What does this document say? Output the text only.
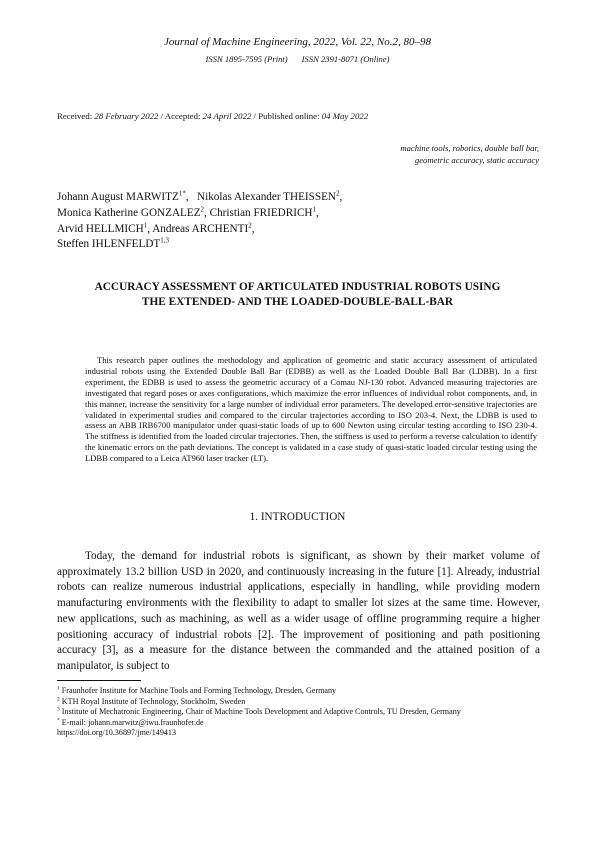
Journal of Machine Engineering, 2022, Vol. 22, No.2, 80–98
ISSN 1895-7595 (Print) ISSN 2391-8071 (Online)
Received: 28 February 2022 / Accepted: 24 April 2022 / Published online: 04 May 2022
machine tools, robotics, double ball bar,
geometric accuracy, static accuracy
Johann August $MARWITZ^{1*}$,   Nikolas Alexander THEISSEN$^2$,
Monica Katherine GONZALEZ$^2$, Christian FRIEDRICH$^1$,
Arvid HELLMICH$^1$, Andreas ARCHENTI$^2$,
Steffen IHLENFELDT$^{1,3}$
ACCURACY ASSESSMENT OF ARTICULATED INDUSTRIAL ROBOTS USING
THE EXTENDED- AND THE LOADED-DOUBLE-BALL-BAR
This research paper outlines the methodology and application of geometric and static accuracy assessment of articulated industrial robots using the Extended Double Ball Bar (EDBB) as well as the Loaded Double Ball Bar (LDBB). In a first experiment, the EDBB is used to assess the geometric accuracy of a Comau NJ-130 robot. Advanced measuring trajectories are investigated that regard poses or axes configurations, which maximize the error influences of individual robot components, and, in this manner, increase the sensitivity for a large number of individual error parameters. The developed error-sensitive trajectories are validated in experimental studies and compared to the circular trajectories according to ISO 203-4. Next, the LDBB is used to assess an ABB IRB6700 manipulator under quasi-static loads of up to 600 Newton using circular testing according to ISO 230-4. The stiffness is identified from the loaded circular trajectories. Then, the stiffness is used to perform a reverse calculation to identify the kinematic errors on the path deviations. The concept is validated in a case study of quasi-static loaded circular testing using the LDBB compared to a Leica AT960 laser tracker (LT).
1. INTRODUCTION
Today, the demand for industrial robots is significant, as shown by their market volume of approximately 13.2 billion USD in 2020, and continuously increasing in the future [1]. Already, industrial robots can realize numerous industrial applications, especially in handling, while providing modern manufacturing environments with the flexibility to adapt to smaller lot sizes at the same time. However, new applications, such as machining, as well as a wider usage of offline programming require a higher positioning accuracy of industrial robots [2]. The improvement of positioning and path positioning accuracy [3], as a measure for the distance between the commanded and the attained position of a manipulator, is subject to
$^1$ Fraunhofer Institute for Machine Tools and Forming Technology, Dresden, Germany
$^2$ KTH Royal Institute of Technology, Stockholm, Sweden
$^3$ Institute of Mechatronic Engineering, Chair of Machine Tools Development and Adaptive Controls, TU Dresden, Germany
* E-mail: johann.marwitz@iwu.fraunhofer.de
https://doi.org/10.36897/jme/149413
